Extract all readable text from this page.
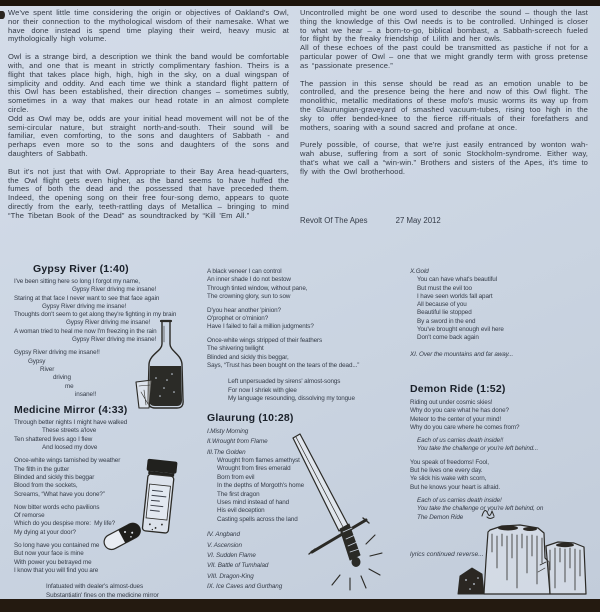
We've spent little time considering the origin or objectives of Oakland's Owl, nor their connection to the mythological wisdom of their namesake. What we have done instead is spend time playing their weird, heavy music at mythologically high volume.

Owl is a strange bird, a description we think the band would be comfortable with, and one that is meant in strictly complimentary fashion. Theirs is a flight that takes place high, high, high in the sky, on a dual wingspan of simplicity and oddity. And each time we think a standard flight pattern of this Owl has been established, their direction changes – sometimes subtly, sometimes in a way that makes our head rotate in an almost complete circle.

Odd as Owl may be, odds are your initial head movement will not be of the semi-circular nature, but straight north-and-south. Their sound will be familiar, even comforting, to the sons and daughters of Sabbath - and perhaps even more so to the sons and daughters of the sons and daughters of Sabbath.

But it's not just that with Owl. Appropriate to their Bay Area head-quarters, the Owl flight gets even higher, as the band seems to have huffed the fumes of both the dead and the possessed that have preceded them. Indeed, the opening song on their free four-song demo, appears to quote directly from the early, teeth-rattling days of Metallica – bringing to mind “The Tibetan Book of the Dead” as soundtracked by “Kill 'Em All.”

Uncontrolled might be one word used to describe the sound – though the last thing the knowledge of this Owl needs is to be controlled. Unhinged is closer to what we hear – a born-to-go, biblical bombast, a Sabbath-screech fueled for flight by the freaky friendship of Lilith and her owls.

All of these echoes of the past could be transmitted as pastiche if not for a particular power of Owl – one that we might grandly term with gross pretense as “passionate presence.”

The passion in this sense should be read as an emotion unable to be controlled, and the presence being the here and now of this Owl flight. The monolithic, metallic meditations of these mofo's music worms its way up from the Glaurungian-graveyard of smashed vacuum-tubes, rising too high in the sky to offer bended-knee to the fierce riff-rituals of their forefathers and mothers, soaring with a sound sacred and profane at once.

Purely possible, of course, that we're just easily entranced by wonton wah-wah abuse, suffering from a sort of sonic Stockholm-syndrome. Either way, that's what we call a “win-win.” Brothers and sisters of the Apes, it's time to fly with the Owl brotherhood.

Revolt Of The Apes	27 May 2012
Gypsy River (1:40)
I've been sitting here so long I forgot my name,
Gypsy River driving me insane!
Staring at that face I never want to see that face again
Gypsy River driving me insane!
Thoughts don't seem to get along they're fighting in my brain
Gypsy River driving me insane!
A woman tried to heal me now I'm freezing in the rain
Gypsy River driving me insane!
Gypsy River driving me insane!!
Gypsy
River
driving
me
insane!!
Medicine Mirror (4:33)
Through better nights I might have walked
These streets a'love
Ten shattered lives ago I flew
And loosed my dove
Once-white wings tarnished by weather
The filth in the gutter
Blinded and sickly this beggar
Blood from the sockets,
Screams, “What have you done?”
Now bitter words echo pavilions
Of remorse
Which do you despise more:  My life?
My dying at your door?
So long have you contained me
But now your face is mine
With power you betrayed me
I know that you will find you are
Infatuated with dealer's almost-dues
Substantiatin' fines on the medicine mirror
A black veneer I can control
An inner shade I do not bestow
Through tinted window, without pane,
The crowning glory, sun to sow
D'you hear another 'pinion?
O'prophet or o'minion?
Have I failed to fail a million judgments?
Once-white wings stripped of their feathers
The shivering twilight
Blinded and sickly this beggar,
Says, “Trust has been bought on the tears of the dead...”
Left unpersuaded by sirens' almost-songs
For now I shriek with glee
My language resounding, dissolving my tongue
Glaurung (10:28)
I.Misty Morning
II.Wrought from Flame
III.The Golden
Wrought from flames amethyst
Wrought from fires emerald
Born from evil
In the depths of Morgoth's home
The first dragon
Uses mind instead of hand
His evil deception
Casting spells across the land
IV. Angband
V. Ascension
VI. Sudden Flame
VII. Battle of Tumhalad
VIII. Dragon-King
IX. Ice Caves and Gurthang
X.Gold
You can have what's beautiful
But must the evil too
I have seen worlds fall apart
All because of you
Beautiful lie stopped
By a sword in the end
You've brought enough evil here
Don't come back again
XI. Over the mountains and far away...
Demon Ride (1:52)
Riding out under cosmic skies!
Why do you care what he has done?
Meteor to the center of your mind!
Why do you care where he comes from?
Each of us carries death inside!!
You take the challenge or you're left behind...
You speak of freedoms! Fool,
But he lives one every day.
Ye slick his wake with scorn,
But he knows your heart is afraid.
Each of us carries death inside!
You take the challenge or you're left behind, on
The Demon Ride
lyrics continued reverse...
